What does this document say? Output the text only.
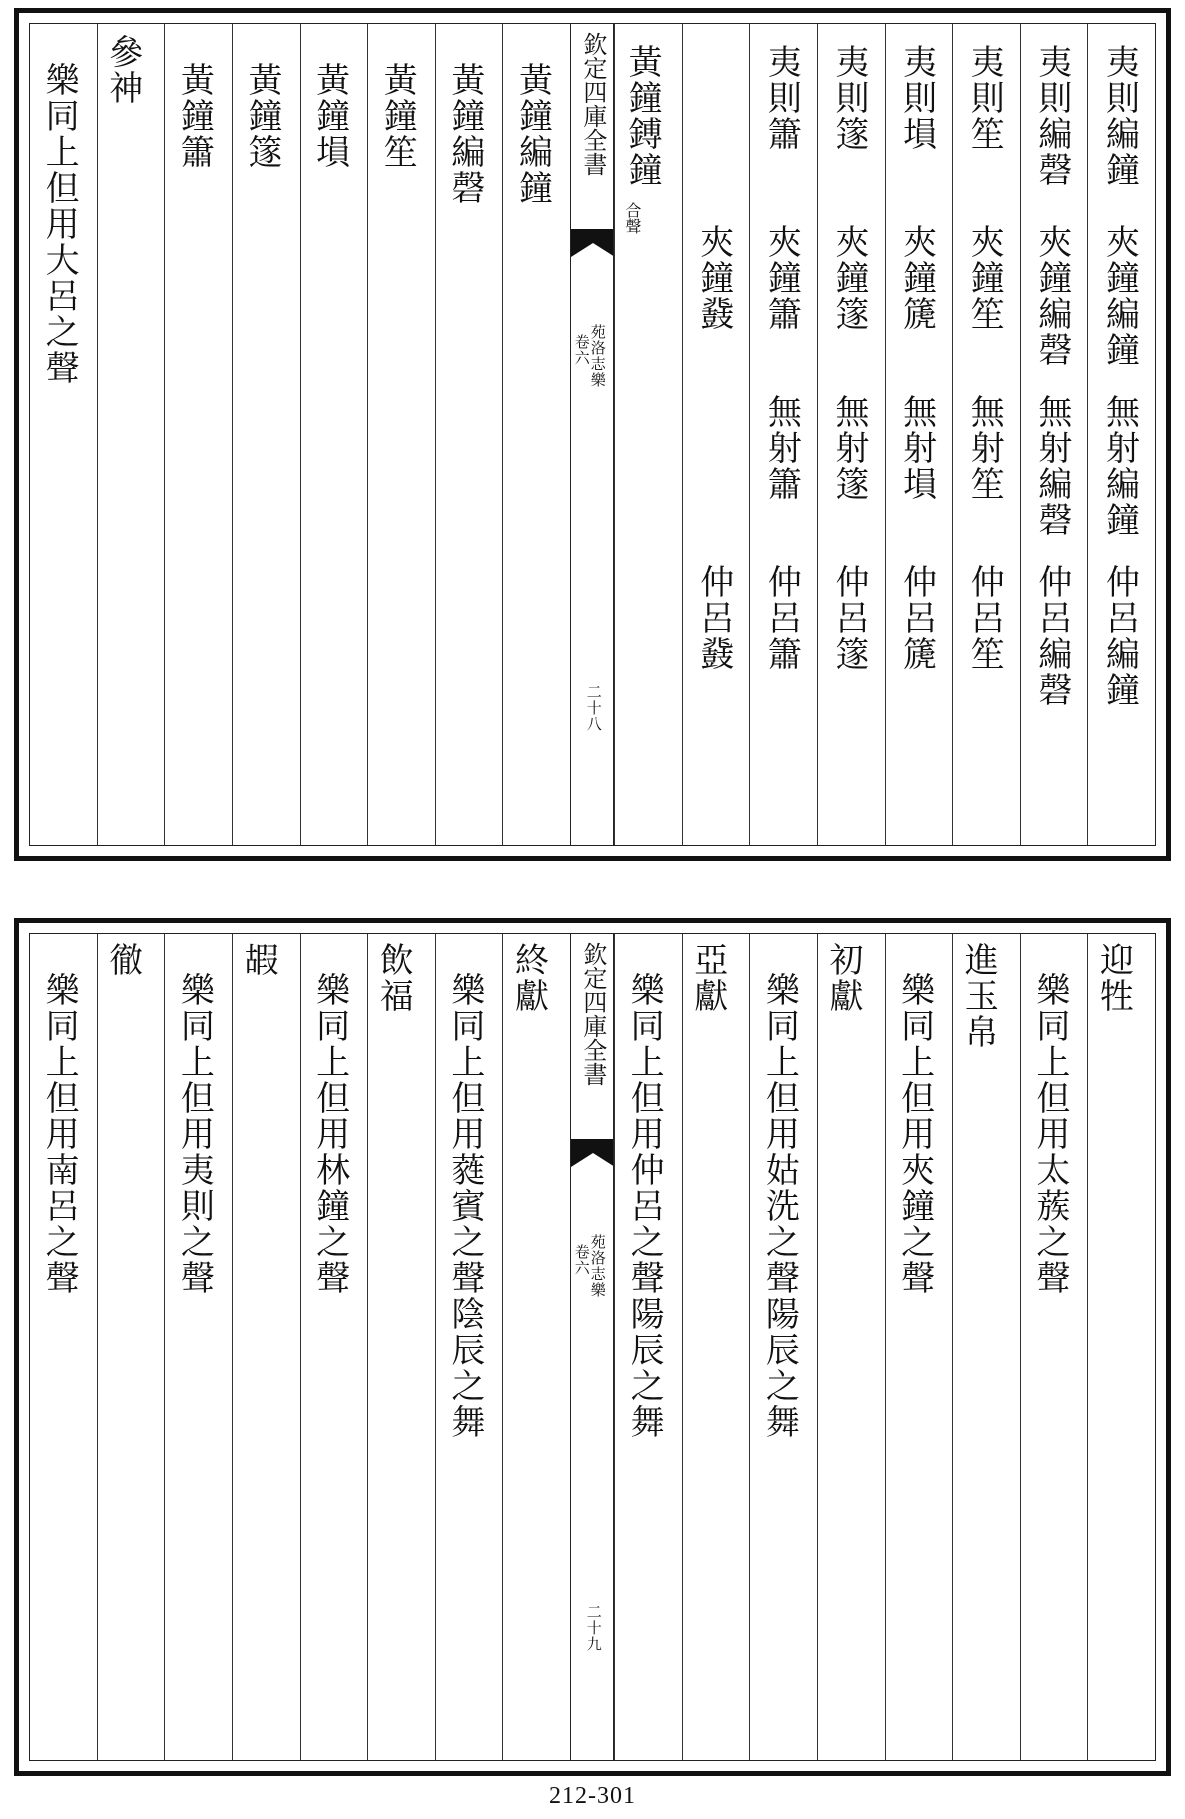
夷則編鐘
夾鐘編鐘
無射編鐘
仲呂編鐘
夷則編磬
夾鐘編磬
無射編磬
仲呂編磬
夷則笙
夾鐘笙
無射笙
仲呂笙
夷則塤
夾鐘篪
無射塤
仲呂篪
夷則篴
夾鐘篴
無射篴
仲呂篴
夷則簫
夾鐘簫
無射簫
仲呂簫
夾鐘鼗
仲呂鼗
黃鐘鎛鐘
合聲
欽定四庫全書
苑洛志樂
卷六
二十八
黃鐘編鐘
黃鐘編磬
黃鐘笙
黃鐘塤
黃鐘篴
黃鐘簫
參神
樂同上但用大呂之聲
迎牲
樂同上但用太蔟之聲
進玉帛
樂同上但用夾鐘之聲
初獻
樂同上但用姑洗之聲陽辰之舞
亞獻
樂同上但用仲呂之聲陽辰之舞
欽定四庫全書
苑洛志樂
卷六
二十九
終獻
樂同上但用蕤賓之聲陰辰之舞
飲福
樂同上但用林鐘之聲
嘏
樂同上但用夷則之聲
徹
樂同上但用南呂之聲
212-301
